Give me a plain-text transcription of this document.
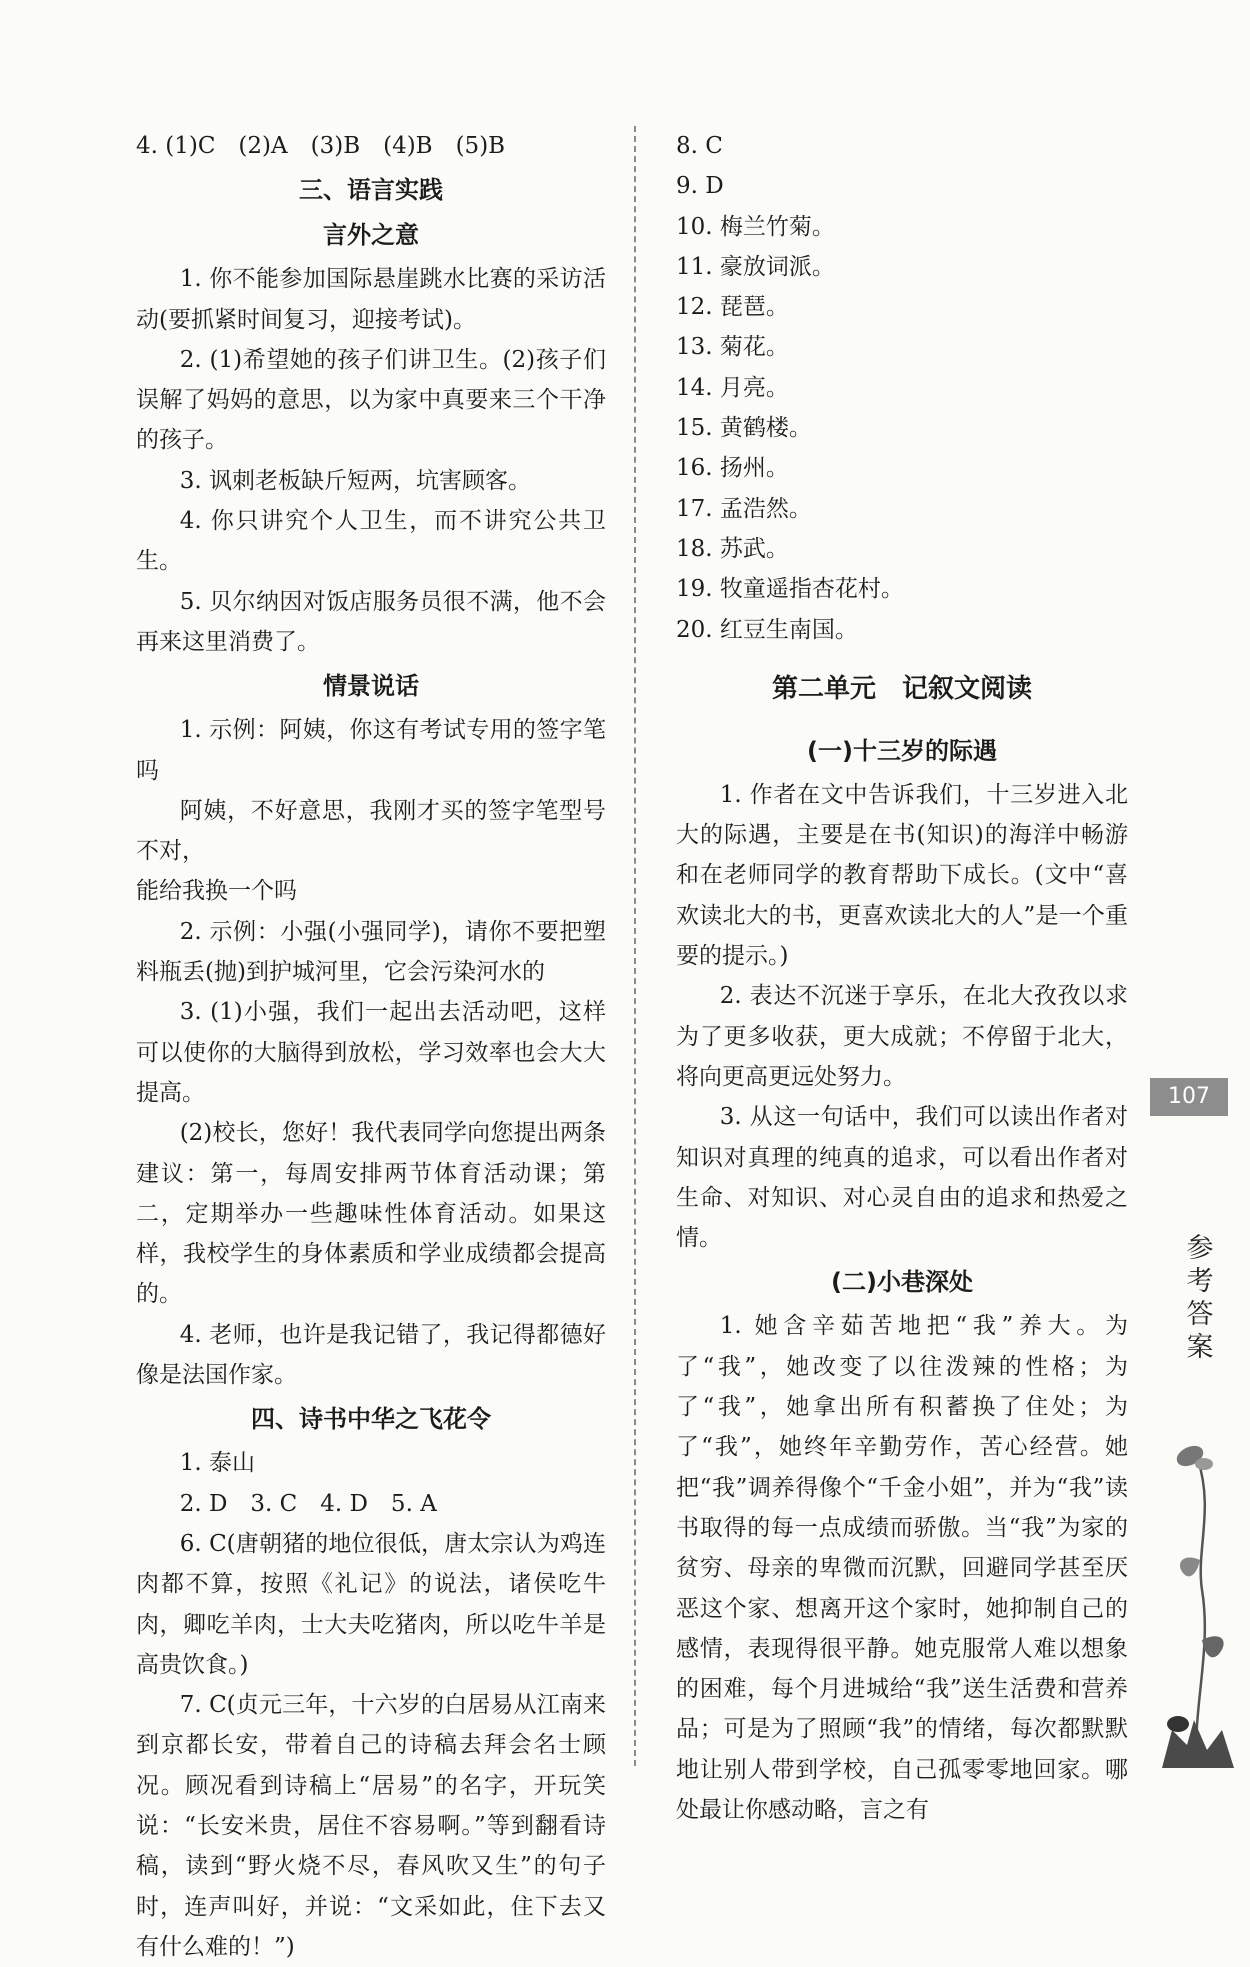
4. (1)C　(2)A　(3)B　(4)B　(5)B

三、语言实践
言外之意

1. 你不能参加国际悬崖跳水比赛的采访活动(要抓紧时间复习，迎接考试)。

2. (1)希望她的孩子们讲卫生。(2)孩子们误解了妈妈的意思，以为家中真要来三个干净的孩子。

3. 讽刺老板缺斤短两，坑害顾客。

4. 你只讲究个人卫生，而不讲究公共卫生。

5. 贝尔纳因对饭店服务员很不满，他不会再来这里消费了。

情景说话

1. 示例：阿姨，你这有考试专用的签字笔吗

阿姨，不好意思，我刚才买的签字笔型号不对，

能给我换一个吗

2. 示例：小强(小强同学)，请你不要把塑料瓶丢(抛)到护城河里，它会污染河水的

3. (1)小强，我们一起出去活动吧，这样可以使你的大脑得到放松，学习效率也会大大提高。

(2)校长，您好！我代表同学向您提出两条建议：第一，每周安排两节体育活动课；第二，定期举办一些趣味性体育活动。如果这样，我校学生的身体素质和学业成绩都会提高的。

4. 老师，也许是我记错了，我记得都德好像是法国作家。

四、诗书中华之飞花令

1. 泰山

2. D　3. C　4. D　5. A

6. C(唐朝猪的地位很低，唐太宗认为鸡连肉都不算，按照《礼记》的说法，诸侯吃牛肉，卿吃羊肉，士大夫吃猪肉，所以吃牛羊是高贵饮食。)

7. C(贞元三年，十六岁的白居易从江南来到京都长安，带着自己的诗稿去拜会名士顾况。顾况看到诗稿上“居易”的名字，开玩笑说：“长安米贵，居住不容易啊。”等到翻看诗稿，读到“野火烧不尽，春风吹又生”的句子时，连声叫好，并说：“文采如此，住下去又有什么难的！”)

8. C

9. D

10. 梅兰竹菊。

11. 豪放词派。

12. 琵琶。

13. 菊花。

14. 月亮。

15. 黄鹤楼。

16. 扬州。

17. 孟浩然。

18. 苏武。

19. 牧童遥指杏花村。

20. 红豆生南国。

第二单元　记叙文阅读
(一)十三岁的际遇

1. 作者在文中告诉我们，十三岁进入北大的际遇，主要是在书(知识)的海洋中畅游和在老师同学的教育帮助下成长。(文中“喜欢读北大的书，更喜欢读北大的人”是一个重要的提示。)

2. 表达不沉迷于享乐，在北大孜孜以求为了更多收获，更大成就；不停留于北大，将向更高更远处努力。

3. 从这一句话中，我们可以读出作者对知识对真理的纯真的追求，可以看出作者对生命、对知识、对心灵自由的追求和热爱之情。

(二)小巷深处

1. 她含辛茹苦地把“我”养大。为了“我”，她改变了以往泼辣的性格；为了“我”，她拿出所有积蓄换了住处；为了“我”，她终年辛勤劳作，苦心经营。她把“我”调养得像个“千金小姐”，并为“我”读书取得的每一点成绩而骄傲。当“我”为家的贫穷、母亲的卑微而沉默，回避同学甚至厌恶这个家、想离开这个家时，她抑制自己的感情，表现得很平静。她克服常人难以想象的困难，每个月进城给“我”送生活费和营养品；可是为了照顾“我”的情绪，每次都默默地让别人带到学校，自己孤零零地回家。哪处最让你感动略，言之有

107
参
考
答
案
